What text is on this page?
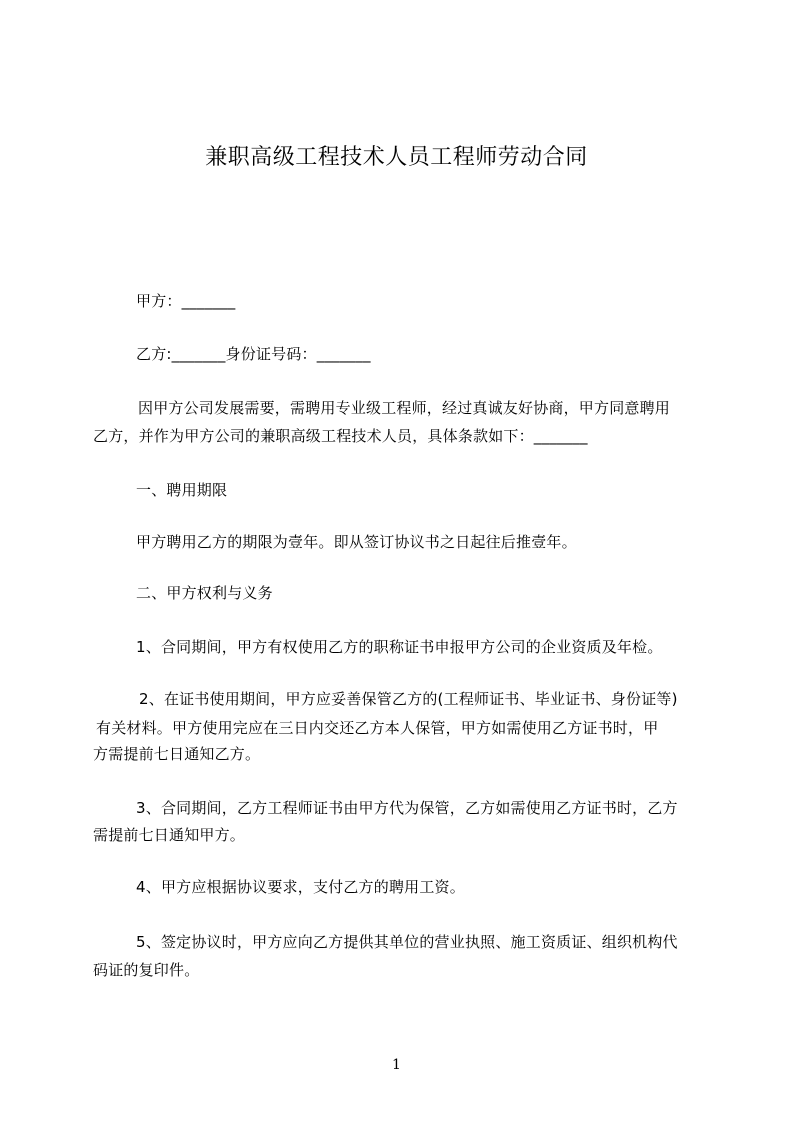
兼职高级工程技术人员工程师劳动合同
甲方：_______
乙方:_______身份证号码：_______
因甲方公司发展需要，需聘用专业级工程师，经过真诚友好协商，甲方同意聘用
乙方，并作为甲方公司的兼职高级工程技术人员，具体条款如下：_______
一、聘用期限
甲方聘用乙方的期限为壹年。即从签订协议书之日起往后推壹年。
二、甲方权利与义务
1、合同期间，甲方有权使用乙方的职称证书申报甲方公司的企业资质及年检。
2、在证书使用期间，甲方应妥善保管乙方的(工程师证书、毕业证书、身份证等)
有关材料。甲方使用完应在三日内交还乙方本人保管，甲方如需使用乙方证书时，甲
方需提前七日通知乙方。
3、合同期间，乙方工程师证书由甲方代为保管，乙方如需使用乙方证书时，乙方
需提前七日通知甲方。
4、甲方应根据协议要求，支付乙方的聘用工资。
5、签定协议时，甲方应向乙方提供其单位的营业执照、施工资质证、组织机构代
码证的复印件。
1
